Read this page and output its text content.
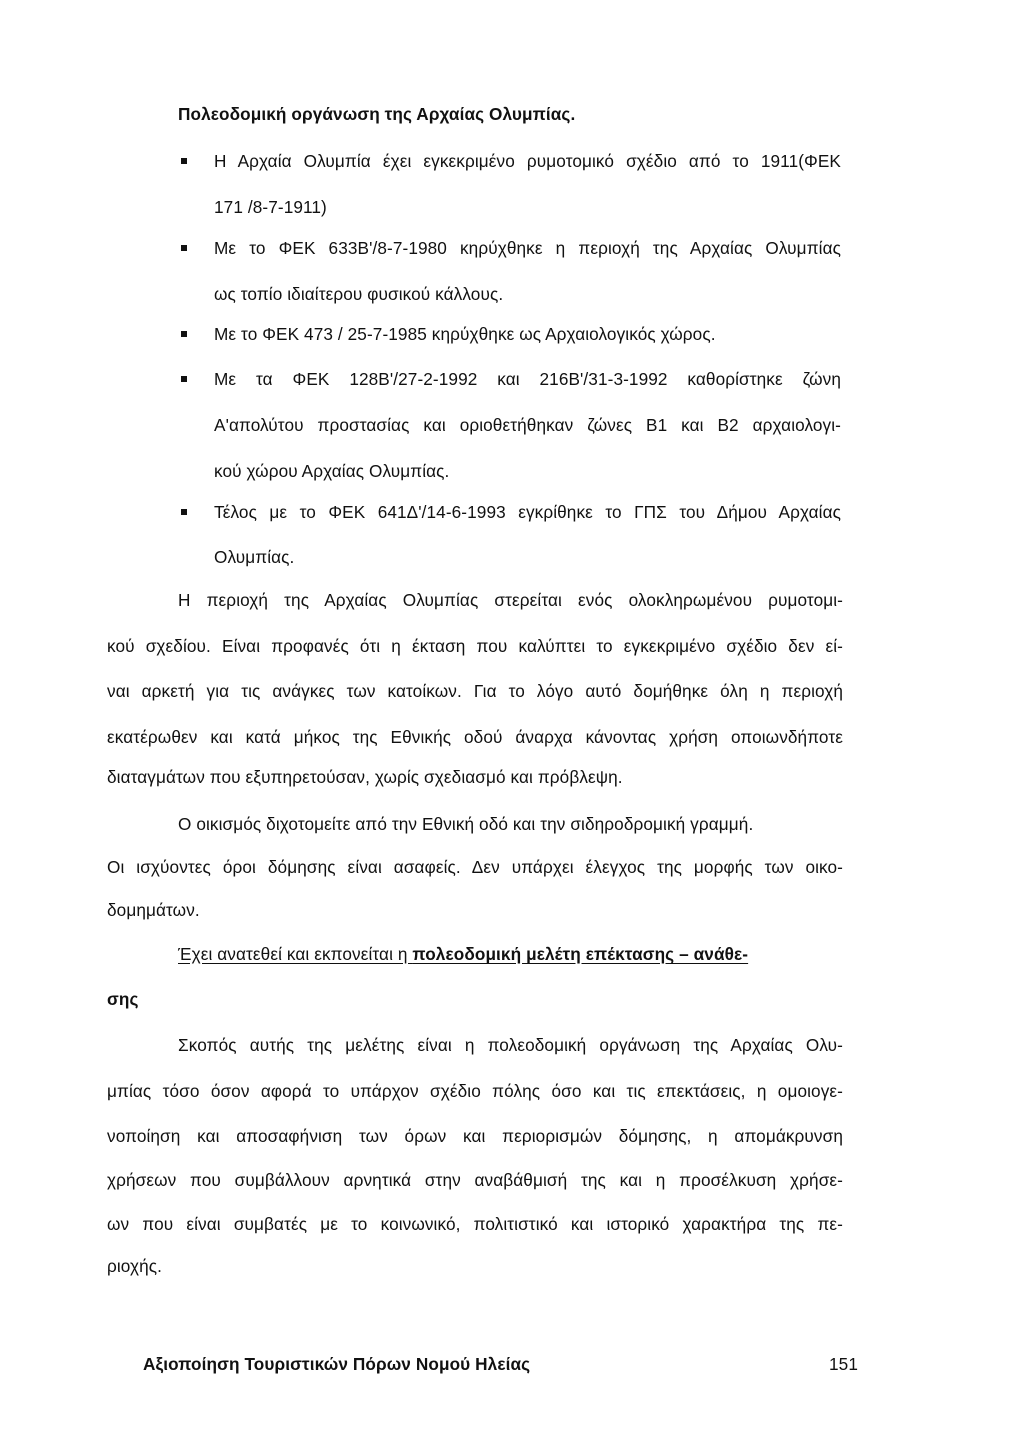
Πολεοδομική οργάνωση της Αρχαίας Ολυμπίας.
Η Αρχαία Ολυμπία έχει εγκεκριμένο ρυμοτομικό σχέδιο από το 1911(ΦΕΚ
171 /8-7-1911)
Με το ΦΕΚ 633Β'/8-7-1980 κηρύχθηκε η περιοχή της Αρχαίας Ολυμπίας
ως τοπίο ιδιαίτερου φυσικού κάλλους.
Με το ΦΕΚ 473 / 25-7-1985 κηρύχθηκε ως Αρχαιολογικός χώρος.
Με τα ΦΕΚ 128Β'/27-2-1992 και 216Β'/31-3-1992 καθορίστηκε ζώνη
Α'απολύτου προστασίας και οριοθετήθηκαν ζώνες Β1 και Β2 αρχαιολογι-
κού χώρου Αρχαίας Ολυμπίας.
Τέλος με το ΦΕΚ 641Δ'/14-6-1993 εγκρίθηκε το ΓΠΣ του Δήμου Αρχαίας
Ολυμπίας.
Η περιοχή της Αρχαίας Ολυμπίας στερείται ενός ολοκληρωμένου ρυμοτομι-
κού σχεδίου. Είναι προφανές ότι η έκταση που καλύπτει το εγκεκριμένο σχέδιο δεν εί-
ναι αρκετή για τις ανάγκες των κατοίκων. Για το λόγο αυτό δομήθηκε όλη η περιοχή
εκατέρωθεν και κατά μήκος της Εθνικής οδού άναρχα κάνοντας χρήση οποιωνδήποτε
διαταγμάτων που εξυπηρετούσαν, χωρίς σχεδιασμό και πρόβλεψη.
Ο οικισμός διχοτομείτε από την Εθνική οδό και την σιδηροδρομική γραμμή.
Οι ισχύοντες όροι δόμησης είναι ασαφείς. Δεν υπάρχει έλεγχος της μορφής των οικο-
δομημάτων.
Έχει ανατεθεί και εκπονείται η πολεοδομική μελέτη επέκτασης – ανάθε-
σης
Σκοπός αυτής της μελέτης είναι η πολεοδομική οργάνωση της Αρχαίας Ολυ-
μπίας τόσο όσον αφορά το υπάρχον σχέδιο πόλης όσο και τις επεκτάσεις, η ομοιογε-
νοποίηση και αποσαφήνιση των όρων και περιορισμών δόμησης, η απομάκρυνση
χρήσεων που συμβάλλουν αρνητικά στην αναβάθμισή της και η προσέλκυση χρήσε-
ων που είναι συμβατές με το κοινωνικό, πολιτιστικό και ιστορικό χαρακτήρα της πε-
ριοχής.
Αξιοποίηση Τουριστικών Πόρων Νομού Ηλείας	151
